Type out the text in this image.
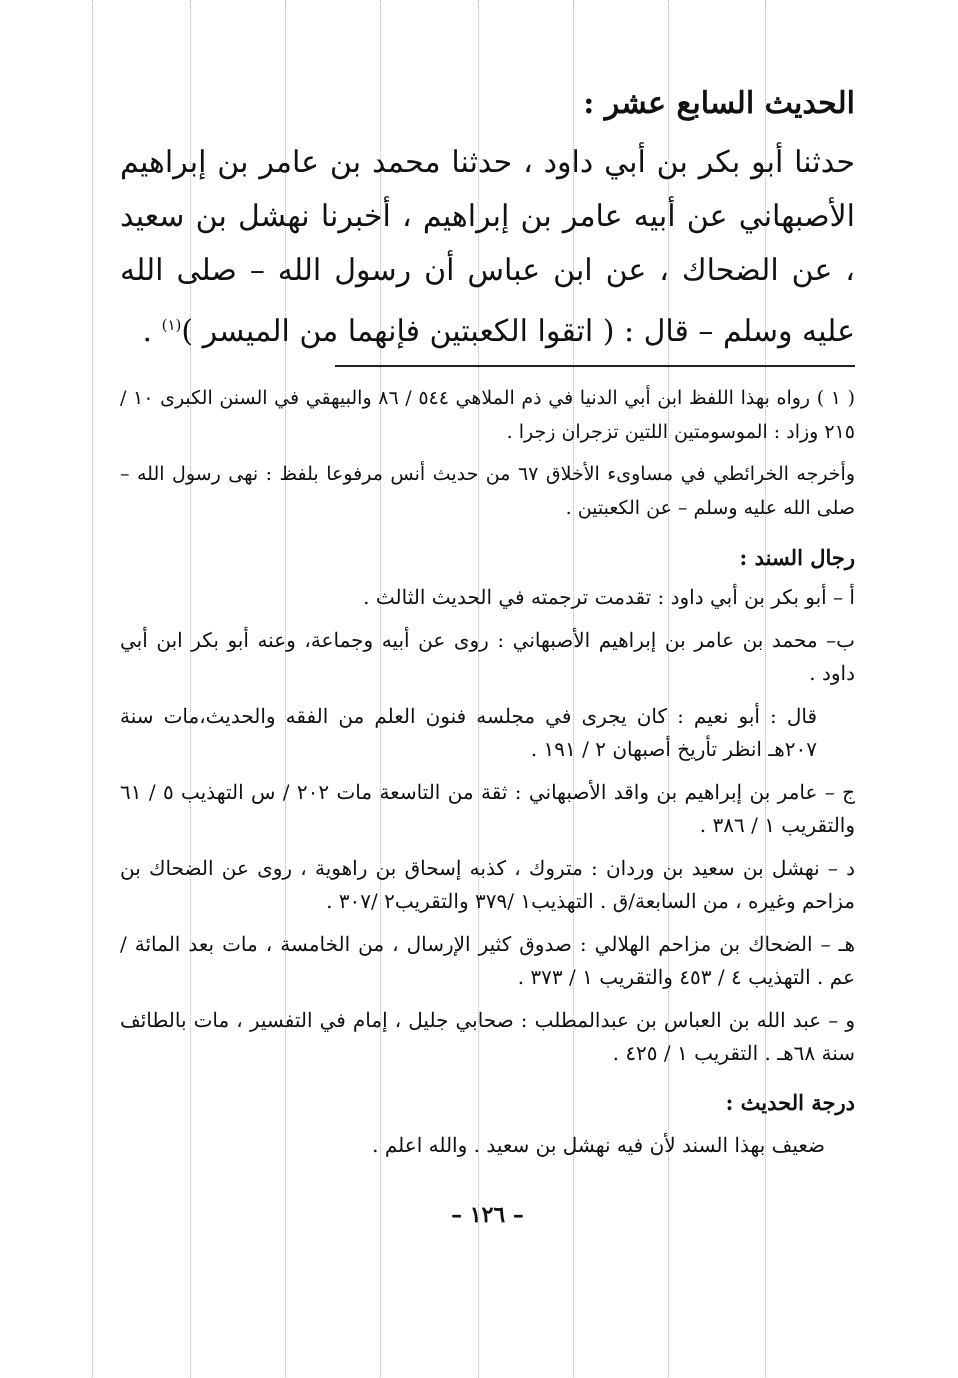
الحديث السابع عشر :
حدثنا أبو بكر بن أبي داود ، حدثنا محمد بن عامر بن إبراهيم الأصبهاني عن أبيه عامر بن إبراهيم ، أخبرنا نهشل بن سعيد ، عن الضحاك ، عن ابن عباس أن رسول الله – صلى الله عليه وسلم – قال : ( اتقوا الكعبتين فإنهما من الميسر )$^{(١)}$ .

( ١ ) رواه بهذا اللفظ ابن أبي الدنيا في ذم الملاهي ٥٤٤ / ٨٦ والبيهقي في السنن الكبرى ١٠ / ٢١٥ وزاد : الموسومتين اللتين تزجران زجرا .

وأخرجه الخرائطي في مساوىء الأخلاق ٦٧ من حديث أنس مرفوعا بلفظ : نهى رسول الله – صلى الله عليه وسلم – عن الكعبتين .

رجال السند :
أ – أبو بكر بن أبي داود : تقدمت ترجمته في الحديث الثالث .
ب– محمد بن عامر بن إبراهيم الأصبهاني : روى عن أبيه وجماعة، وعنه أبو بكر ابن أبي داود .
قال : أبو نعيم : كان يجرى في مجلسه فنون العلم من الفقه والحديث،مات سنة ٢٠٧هـ انظر تأريخ أصبهان ٢ / ١٩١ .
ج – عامر بن إبراهيم بن واقد الأصبهاني : ثقة من التاسعة مات ٢٠٢ / س التهذيب ٥ / ٦١ والتقريب ١ / ٣٨٦ .
د – نهشل بن سعيد بن وردان : متروك ، كذبه إسحاق بن راهوية ، روى عن الضحاك بن مزاحم وغيره ، من السابعة/ق . التهذيب١ /٣٧٩ والتقريب٢ /٣٠٧ .
هـ – الضحاك بن مزاحم الهلالي : صدوق كثير الإرسال ، من الخامسة ، مات بعد المائة / عم . التهذيب ٤ / ٤٥٣ والتقريب ١ / ٣٧٣ .
و – عبد الله بن العباس بن عبدالمطلب : صحابي جليل ، إمام في التفسير ، مات بالطائف سنة ٦٨هـ . التقريب ١ / ٤٢٥ .
درجة الحديث :
ضعيف بهذا السند لأن فيه نهشل بن سعيد . والله اعلم .
– ١٢٦ –
